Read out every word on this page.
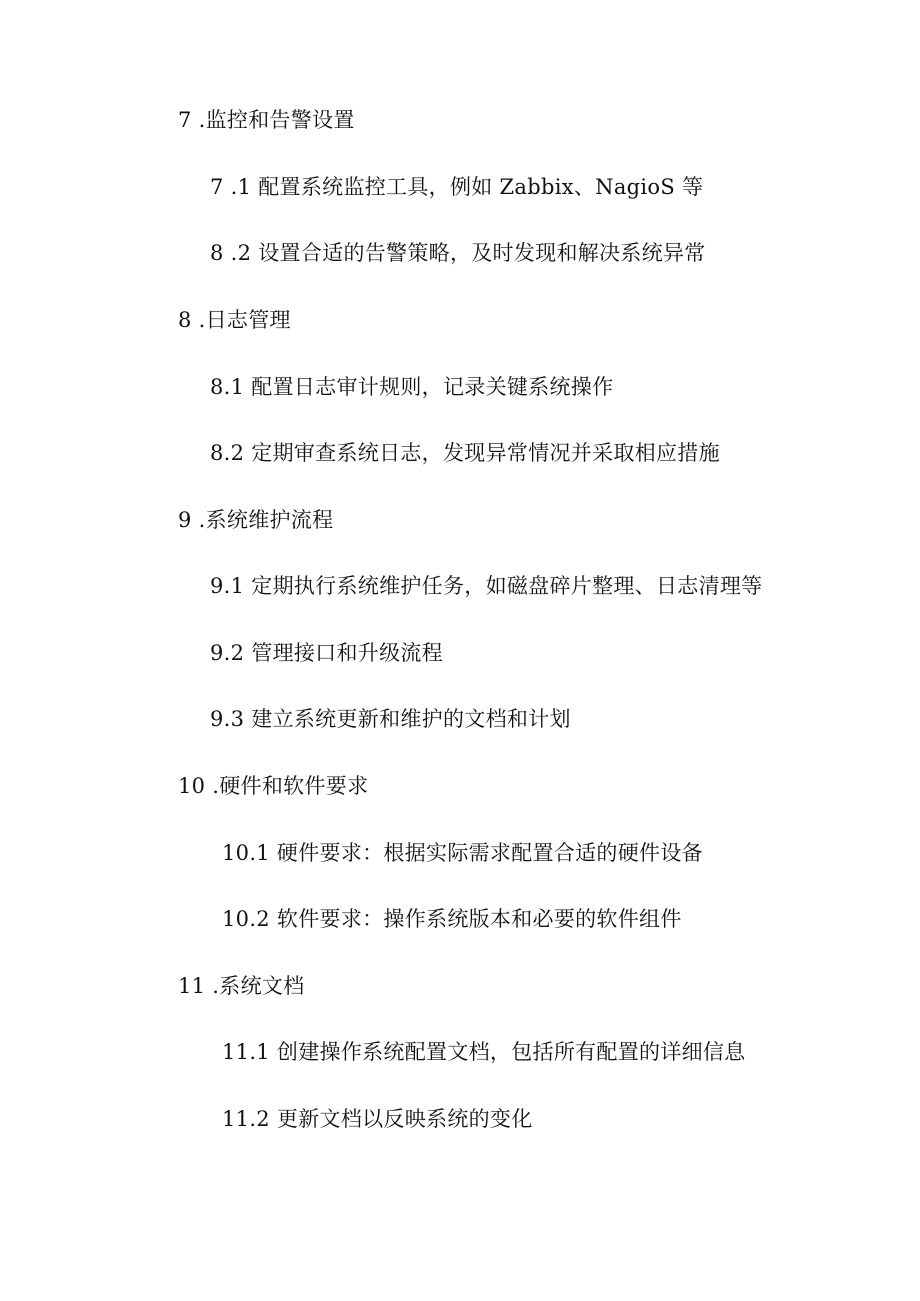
7 .监控和告警设置
7 .1 配置系统监控工具，例如 Zabbix、NagioS 等
8 .2 设置合适的告警策略，及时发现和解决系统异常
8 .日志管理
8.1 配置日志审计规则，记录关键系统操作
8.2 定期审查系统日志，发现异常情况并采取相应措施
9 .系统维护流程
9.1 定期执行系统维护任务，如磁盘碎片整理、日志清理等
9.2 管理接口和升级流程
9.3 建立系统更新和维护的文档和计划
10 .硬件和软件要求
10.1 硬件要求：根据实际需求配置合适的硬件设备
10.2 软件要求：操作系统版本和必要的软件组件
11 .系统文档
11.1 创建操作系统配置文档，包括所有配置的详细信息
11.2 更新文档以反映系统的变化
